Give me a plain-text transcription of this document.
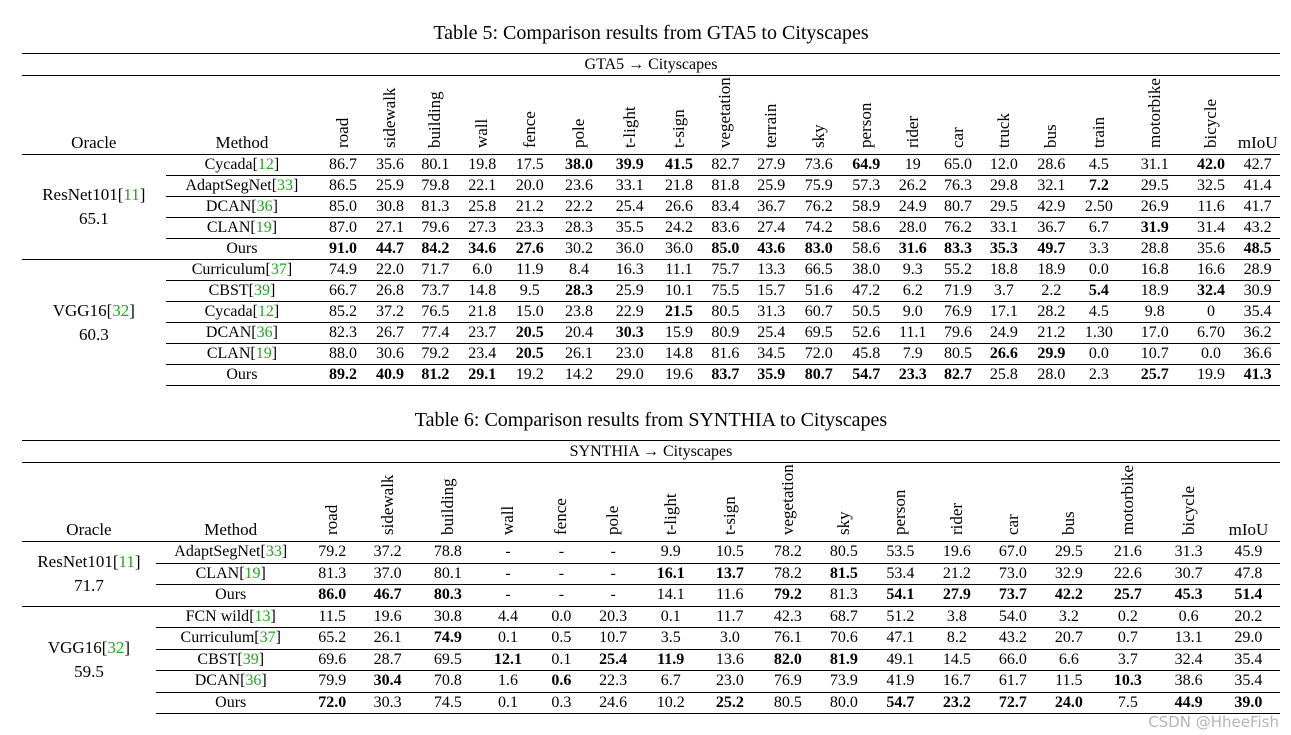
Table 5: Comparison results from GTA5 to Cityscapes
GTA5 → Cityscapes																					

Oracle	Method	road	sidewalk	building	wall	fence	pole	t-light	t-sign	vegetation	terrain	sky	person	rider	car	truck	bus	train	motorbike	bicycle	mIoU

ResNet101[11]
65.1	Cycada[12]	86.7	35.6	80.1	19.8	17.5	38.0	39.9	41.5	82.7	27.9	73.6	64.9	19	65.0	12.0	28.6	4.5	31.1	42.0	42.7
	AdaptSegNet[33]	86.5	25.9	79.8	22.1	20.0	23.6	33.1	21.8	81.8	25.9	75.9	57.3	26.2	76.3	29.8	32.1	7.2	29.5	32.5	41.4
	DCAN[36]	85.0	30.8	81.3	25.8	21.2	22.2	25.4	26.6	83.4	36.7	76.2	58.9	24.9	80.7	29.5	42.9	2.50	26.9	11.6	41.7
	CLAN[19]	87.0	27.1	79.6	27.3	23.3	28.3	35.5	24.2	83.6	27.4	74.2	58.6	28.0	76.2	33.1	36.7	6.7	31.9	31.4	43.2
	Ours	91.0	44.7	84.2	34.6	27.6	30.2	36.0	36.0	85.0	43.6	83.0	58.6	31.6	83.3	35.3	49.7	3.3	28.8	35.6	48.5

VGG16[32]
60.3	Curriculum[37]	74.9	22.0	71.7	6.0	11.9	8.4	16.3	11.1	75.7	13.3	66.5	38.0	9.3	55.2	18.8	18.9	0.0	16.8	16.6	28.9
	CBST[39]	66.7	26.8	73.7	14.8	9.5	28.3	25.9	10.1	75.5	15.7	51.6	47.2	6.2	71.9	3.7	2.2	5.4	18.9	32.4	30.9
	Cycada[12]	85.2	37.2	76.5	21.8	15.0	23.8	22.9	21.5	80.5	31.3	60.7	50.5	9.0	76.9	17.1	28.2	4.5	9.8	0	35.4
	DCAN[36]	82.3	26.7	77.4	23.7	20.5	20.4	30.3	15.9	80.9	25.4	69.5	52.6	11.1	79.6	24.9	21.2	1.30	17.0	6.70	36.2
	CLAN[19]	88.0	30.6	79.2	23.4	20.5	26.1	23.0	14.8	81.6	34.5	72.0	45.8	7.9	80.5	26.6	29.9	0.0	10.7	0.0	36.6
	Ours	89.2	40.9	81.2	29.1	19.2	14.2	29.0	19.6	83.7	35.9	80.7	54.7	23.3	82.7	25.8	28.0	2.3	25.7	19.9	41.3
Table 6: Comparison results from SYNTHIA to Cityscapes
SYNTHIA → Cityscapes																		

Oracle	Method	road	sidewalk	building	wall	fence	pole	t-light	t-sign	vegetation	sky	person	rider	car	bus	motorbike	bicycle	mIoU

ResNet101[11]
71.7	AdaptSegNet[33]	79.2	37.2	78.8	-	-	-	9.9	10.5	78.2	80.5	53.5	19.6	67.0	29.5	21.6	31.3	45.9
	CLAN[19]	81.3	37.0	80.1	-	-	-	16.1	13.7	78.2	81.5	53.4	21.2	73.0	32.9	22.6	30.7	47.8
	Ours	86.0	46.7	80.3	-	-	-	14.1	11.6	79.2	81.3	54.1	27.9	73.7	42.2	25.7	45.3	51.4

VGG16[32]
59.5	FCN wild[13]	11.5	19.6	30.8	4.4	0.0	20.3	0.1	11.7	42.3	68.7	51.2	3.8	54.0	3.2	0.2	0.6	20.2
	Curriculum[37]	65.2	26.1	74.9	0.1	0.5	10.7	3.5	3.0	76.1	70.6	47.1	8.2	43.2	20.7	0.7	13.1	29.0
	CBST[39]	69.6	28.7	69.5	12.1	0.1	25.4	11.9	13.6	82.0	81.9	49.1	14.5	66.0	6.6	3.7	32.4	35.4
	DCAN[36]	79.9	30.4	70.8	1.6	0.6	22.3	6.7	23.0	76.9	73.9	41.9	16.7	61.7	11.5	10.3	38.6	35.4
	Ours	72.0	30.3	74.5	0.1	0.3	24.6	10.2	25.2	80.5	80.0	54.7	23.2	72.7	24.0	7.5	44.9	39.0
CSDN @HheeFish
